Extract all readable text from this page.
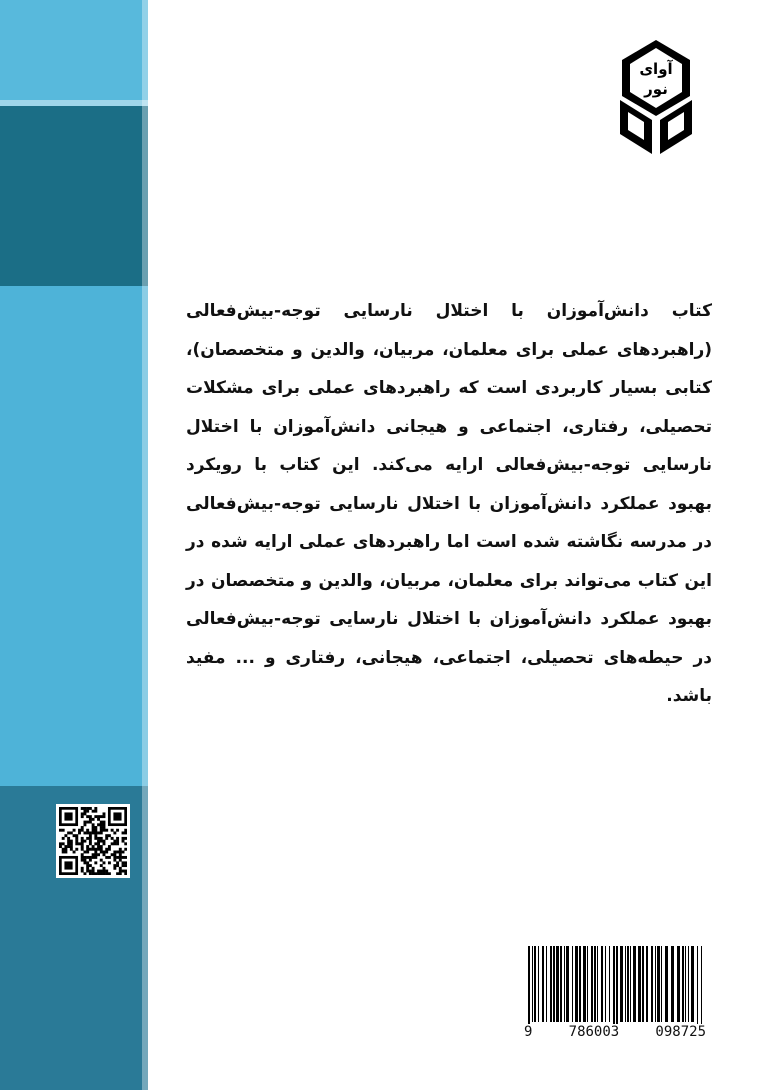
آوای
نور
کتاب دانش‌آموزان با اختلال نارسایی توجه-بیش‌فعالی (راهبردهای عملی برای معلمان، مربیان، والدین و متخصصان)، کتابی بسیار کاربردی است که راهبردهای عملی برای مشکلات تحصیلی، رفتاری، اجتماعی و هیجانی دانش‌آموزان با اختلال نارسایی توجه-بیش‌فعالی ارایه می‌کند. این کتاب با رویکرد بهبود عملکرد دانش‌آموزان با اختلال نارسایی توجه-بیش‌فعالی در مدرسه نگاشته شده است اما راهبردهای عملی ارایه شده در این کتاب می‌تواند برای معلمان، مربیان، والدین و متخصصان در بهبود عملکرد دانش‌آموزان با اختلال نارسایی توجه-بیش‌فعالی در حیطه‌های تحصیلی، اجتماعی، هیجانی، رفتاری و ... مفید باشد.
9	786003	098725
